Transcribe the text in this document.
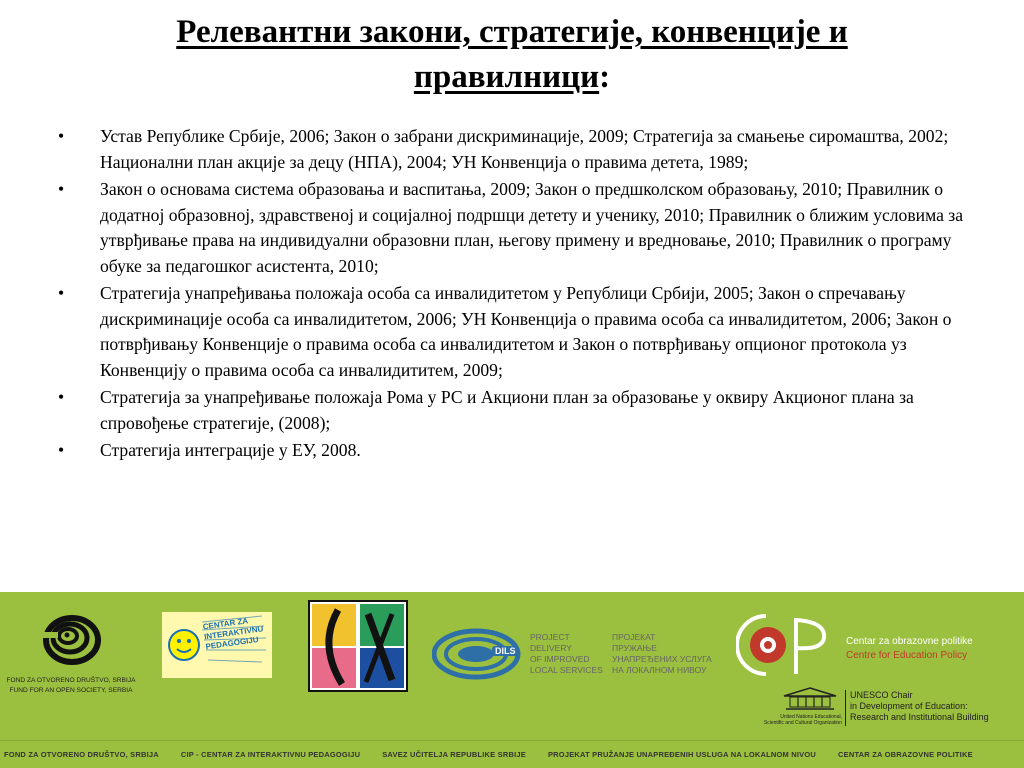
Релевантни закони, стратегије, конвенције и
правилници:
• Устав Републике Србије, 2006; Закон о забрани дискриминације, 2009; Стратегија за смањење сиромаштва, 2002; Национални план акције за децу (НПА), 2004; УН Конвенција о правима детета, 1989;
• Закон о основама система образовања и васпитања, 2009; Закон о предшколском образовању, 2010; Правилник о додатној образовној, здравственој и социјалној подршци детету и ученику, 2010; Правилник о ближим условима за утврђивање права на индивидуални образовни план, његову примену и вредновање, 2010; Правилник о програму обуке за педагошког асистента, 2010;
• Стратегија унапређивања положаја особа са инвалидитетом у Републици Србији, 2005; Закон о спречавању дискриминације особа са инвалидитетом, 2006; УН Конвенција о правима особа са инвалидитетом, 2006; Закон о потврђивању Конвенције о правима особа са инвалидитетом и Закон о потврђивању опционог протокола уз Конвенцију о правима особа са инвалидититем, 2009;
• Стратегија за унапређивање положаја Рома у РС и Акциони план за образовање у оквиру Акционог плана за спровођење стратегије, (2008);
• Стратегија интеграције у ЕУ, 2008.
FOND ZA OTVORENO DRUŠTVO, SRBIJA
FUND FOR AN OPEN SOCIETY, SERBIA
CENTAR ZA INTERAKTIVNU PEDAGOGIJU	DILS
PROJECT
DELIVERY
OF IMPROVED
LOCAL SERVICES
ПРОЈЕКАТ
ПРУЖАЊЕ
УНАПРЕЂЕНИХ УСЛУГА
НА ЛОКАЛНОМ НИВОУ
Centar za obrazovne politike
Centre for Education Policy
United Nations Educational,
Scientific and Cultural Organization
UNESCO Chair
in Development of Education:
Research and Institutional Building
FOND ZA OTVORENO DRUŠTVO, SRBIJA	CIP - CENTAR ZA INTERAKTIVNU PEDAGOGIJU	SAVEZ UČITELJA REPUBLIKE SRBIJE	PROJEKAT PRUŽANJE UNAPREĐENIH USLUGA NA LOKALNOM NIVOU	CENTAR ZA OBRAZOVNE POLITIKE
